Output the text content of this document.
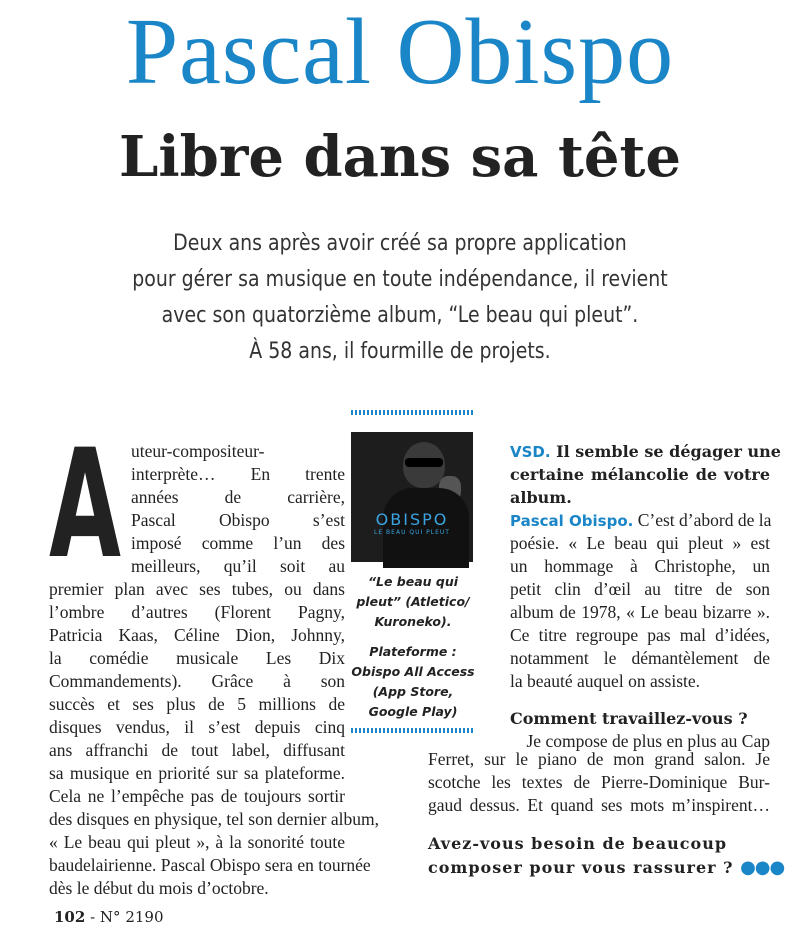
Pascal Obispo
Libre dans sa tête
Deux ans après avoir créé sa propre application
pour gérer sa musique en toute indépendance, il revient
avec son quatorzième album, “Le beau qui pleut”.
À 58 ans, il fourmille de projets.
A uteur-compositeur-
interprète… En trente
années de carrière,
Pascal Obispo s’est
imposé comme l’un des
meilleurs, qu’il soit au
premier plan avec ses tubes, ou dans
l’ombre d’autres (Florent Pagny,
Patricia Kaas, Céline Dion, Johnny,
la comédie musicale Les Dix
Commandements). Grâce à son
succès et ses plus de 5 millions de
disques vendus, il s’est depuis cinq
ans affranchi de tout label, diffusant
sa musique en priorité sur sa plateforme.
Cela ne l’empêche pas de toujours sortir
des disques en physique, tel son dernier album,
« Le beau qui pleut », à la sonorité toute
baudelairienne. Pascal Obispo sera en tournée
dès le début du mois d’octobre.
OBISPO
LE BEAU QUI PLEUT
“Le beau qui
pleut” (Atletico/
Kuroneko).
Plateforme :
Obispo All Access
(App Store,
Google Play)
VSD. Il semble se dégager une
certaine mélancolie de votre
album.
Pascal Obispo. C’est d’abord de la
poésie. « Le beau qui pleut » est
un hommage à Christophe, un
petit clin d’œil au titre de son
album de 1978, « Le beau bizarre ».
Ce titre regroupe pas mal d’idées,
notamment le démantèlement de
la beauté auquel on assiste.
Comment travaillez-vous ?
Je compose de plus en plus au Cap
Ferret, sur le piano de mon grand salon. Je
scotche les textes de Pierre-Dominique Bur-
gaud dessus. Et quand ses mots m’inspirent…
Avez-vous besoin de beaucoup
composer pour vous rassurer ? ●●●
102 - N° 2190
